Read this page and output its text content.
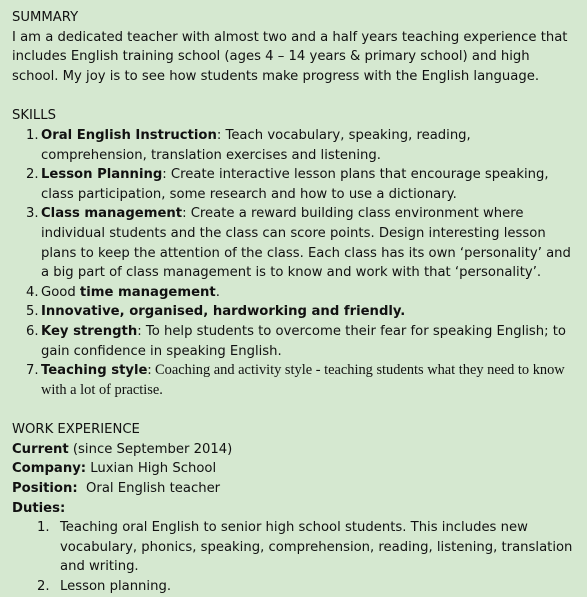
SUMMARY

I am a dedicated teacher with almost two and a half years teaching experience that includes English training school (ages 4 – 14 years & primary school) and high school. My joy is to see how students make progress with the English language.

SKILLS
1. Oral English Instruction: Teach vocabulary, speaking, reading, comprehension, translation exercises and listening.
2. Lesson Planning: Create interactive lesson plans that encourage speaking, class participation, some research and how to use a dictionary.
3. Class management: Create a reward building class environment where individual students and the class can score points. Design interesting lesson plans to keep the attention of the class. Each class has its own ‘personality’ and a big part of class management is to know and work with that ‘personality’.
4. Good time management.
5. Innovative, organised, hardworking and friendly.
6. Key strength: To help students to overcome their fear for speaking English; to gain confidence in speaking English.
7. Teaching style: Coaching and activity style - teaching students what they need to know with a lot of practise.
WORK EXPERIENCE

Current (since September 2014)

Company: Luxian High School

Position:  Oral English teacher

Duties:

1. Teaching oral English to senior high school students. This includes new vocabulary, phonics, speaking, comprehension, reading, listening, translation and writing.
2. Lesson planning.
